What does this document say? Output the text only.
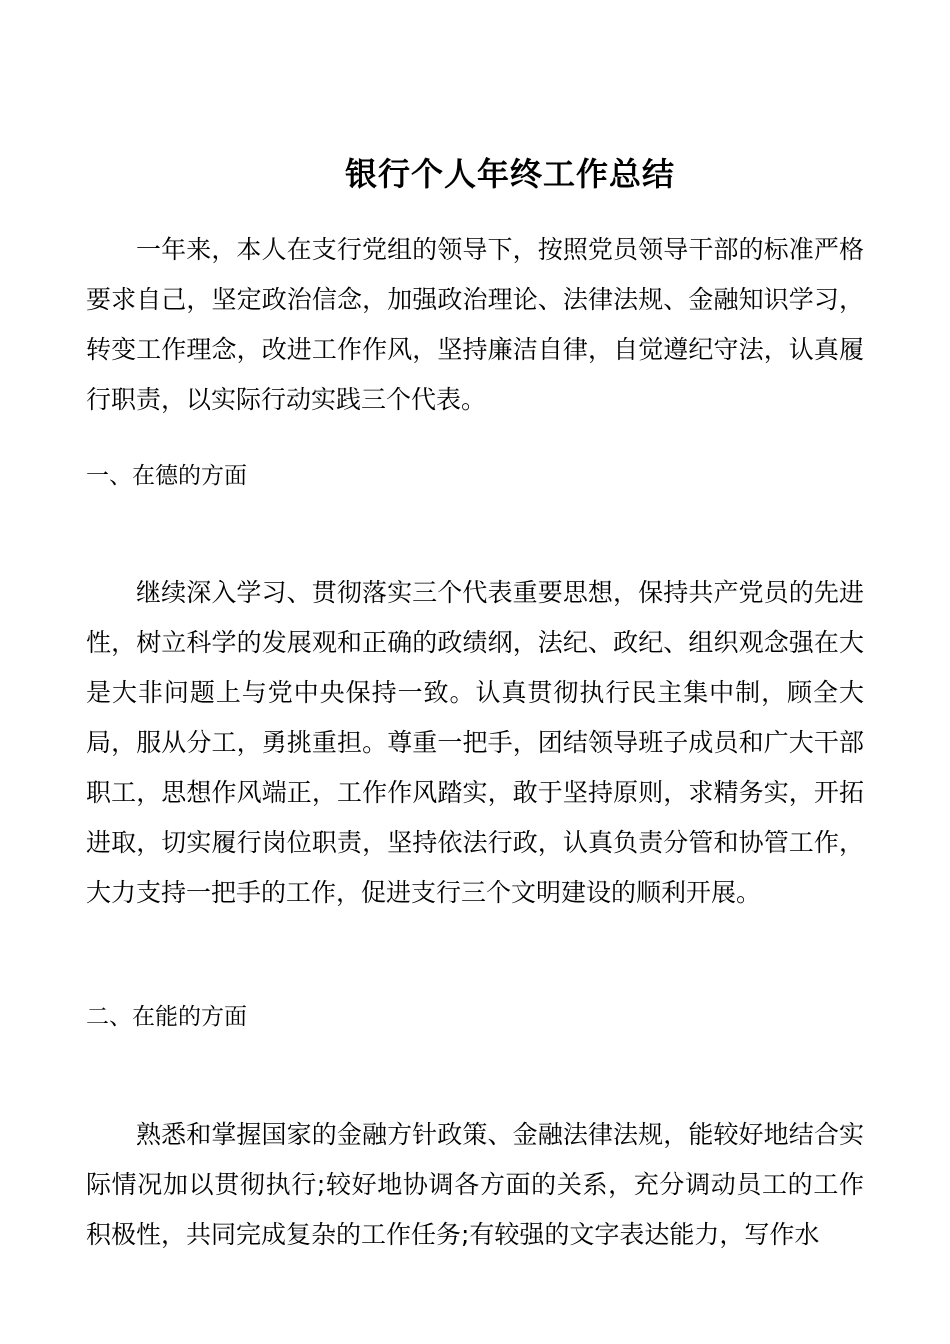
银行个人年终工作总结

一年来，本人在支行党组的领导下，按照党员领导干部的标准严格要求自己，坚定政治信念，加强政治理论、法律法规、金融知识学习，转变工作理念，改进工作作风，坚持廉洁自律，自觉遵纪守法，认真履行职责，以实际行动实践三个代表。

一、在德的方面

继续深入学习、贯彻落实三个代表重要思想，保持共产党员的先进性，树立科学的发展观和正确的政绩纲，法纪、政纪、组织观念强在大是大非问题上与党中央保持一致。认真贯彻执行民主集中制，顾全大局，服从分工，勇挑重担。尊重一把手，团结领导班子成员和广大干部职工，思想作风端正，工作作风踏实，敢于坚持原则，求精务实，开拓进取，切实履行岗位职责，坚持依法行政，认真负责分管和协管工作，大力支持一把手的工作，促进支行三个文明建设的顺利开展。

二、在能的方面

熟悉和掌握国家的金融方针政策、金融法律法规，能较好地结合实际情况加以贯彻执行;较好地协调各方面的关系，充分调动员工的工作积极性，共同完成复杂的工作任务;有较强的文字表达能力，写作水
